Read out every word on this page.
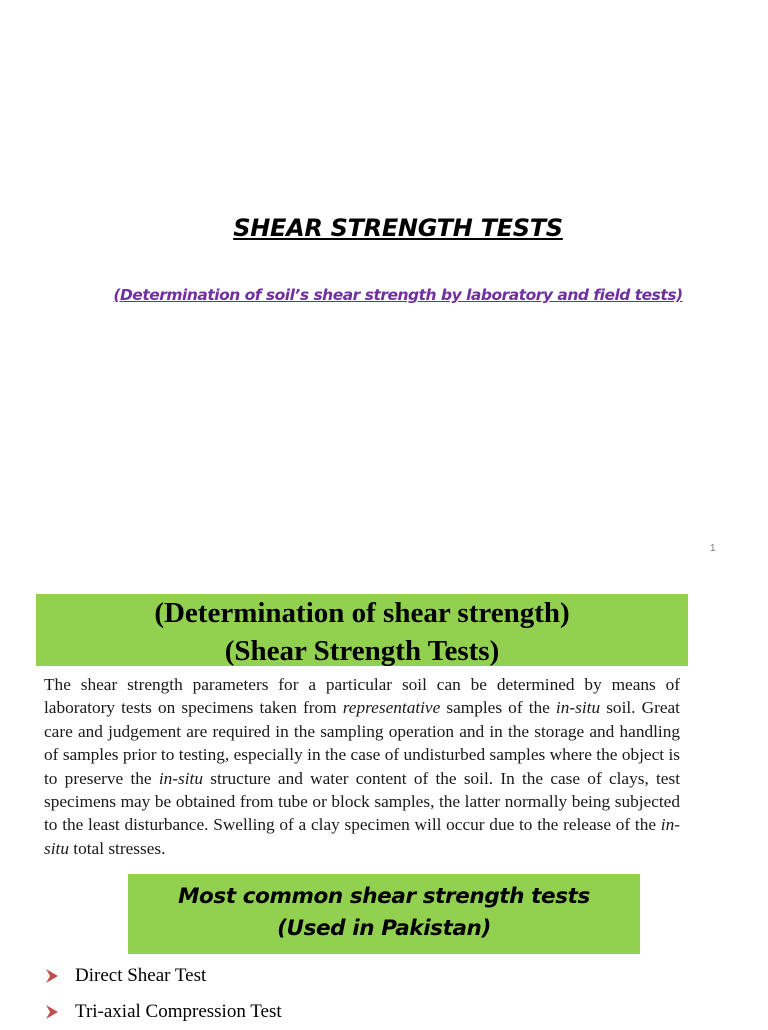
SHEAR STRENGTH TESTS
(Determination of soil’s shear strength by laboratory and field tests)
1
(Determination of shear strength)
(Shear Strength Tests)
The shear strength parameters for a particular soil can be determined by means of laboratory tests on specimens taken from representative samples of the in-situ soil. Great care and judgement are required in the sampling operation and in the storage and handling of samples prior to testing, especially in the case of undisturbed samples where the object is to preserve the in-situ structure and water content of the soil. In the case of clays, test specimens may be obtained from tube or block samples, the latter normally being subjected to the least disturbance. Swelling of a clay specimen will occur due to the release of the in-situ total stresses.
Most common shear strength tests
(Used in Pakistan)
Direct Shear Test
Tri-axial Compression Test
